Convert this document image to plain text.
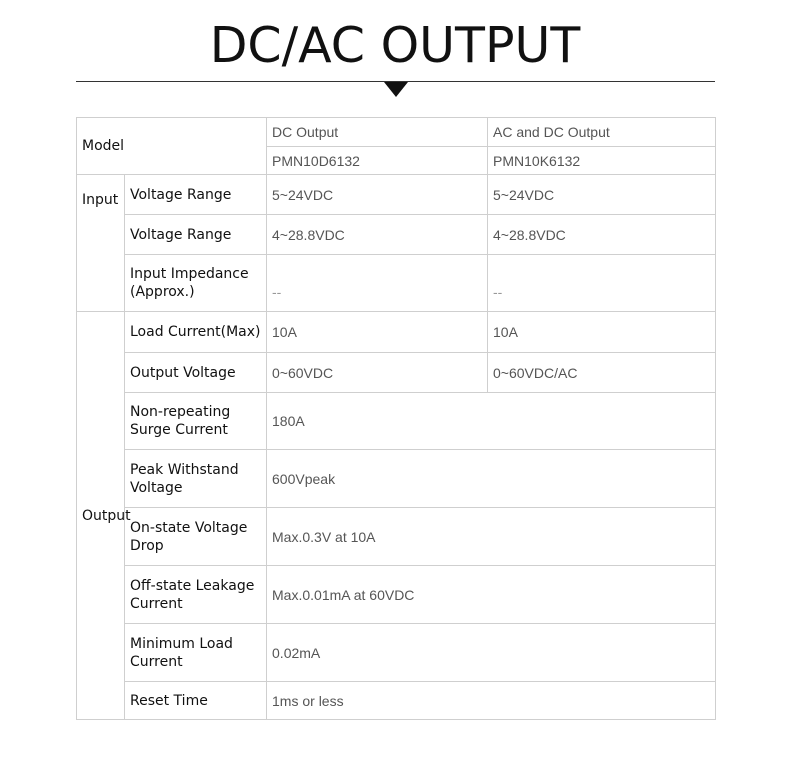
DC/AC OUTPUT
Model		DC Output	AC and DC Output
		PMN10D6132	PMN10K6132
Input	Voltage Range	5~24VDC	5~24VDC
	Voltage Range	4~28.8VDC	4~28.8VDC
	Input Impedance (Approx.)	--	--
Output	Load Current(Max)	10A	10A
	Output Voltage	0~60VDC	0~60VDC/AC
	Non-repeating Surge Current	180A	
	Peak Withstand Voltage	600Vpeak	
	On-state Voltage Drop	Max.0.3V at 10A	
	Off-state Leakage Current	Max.0.01mA at 60VDC	
	Minimum Load Current	0.02mA	
	Reset Time	1ms or less	
